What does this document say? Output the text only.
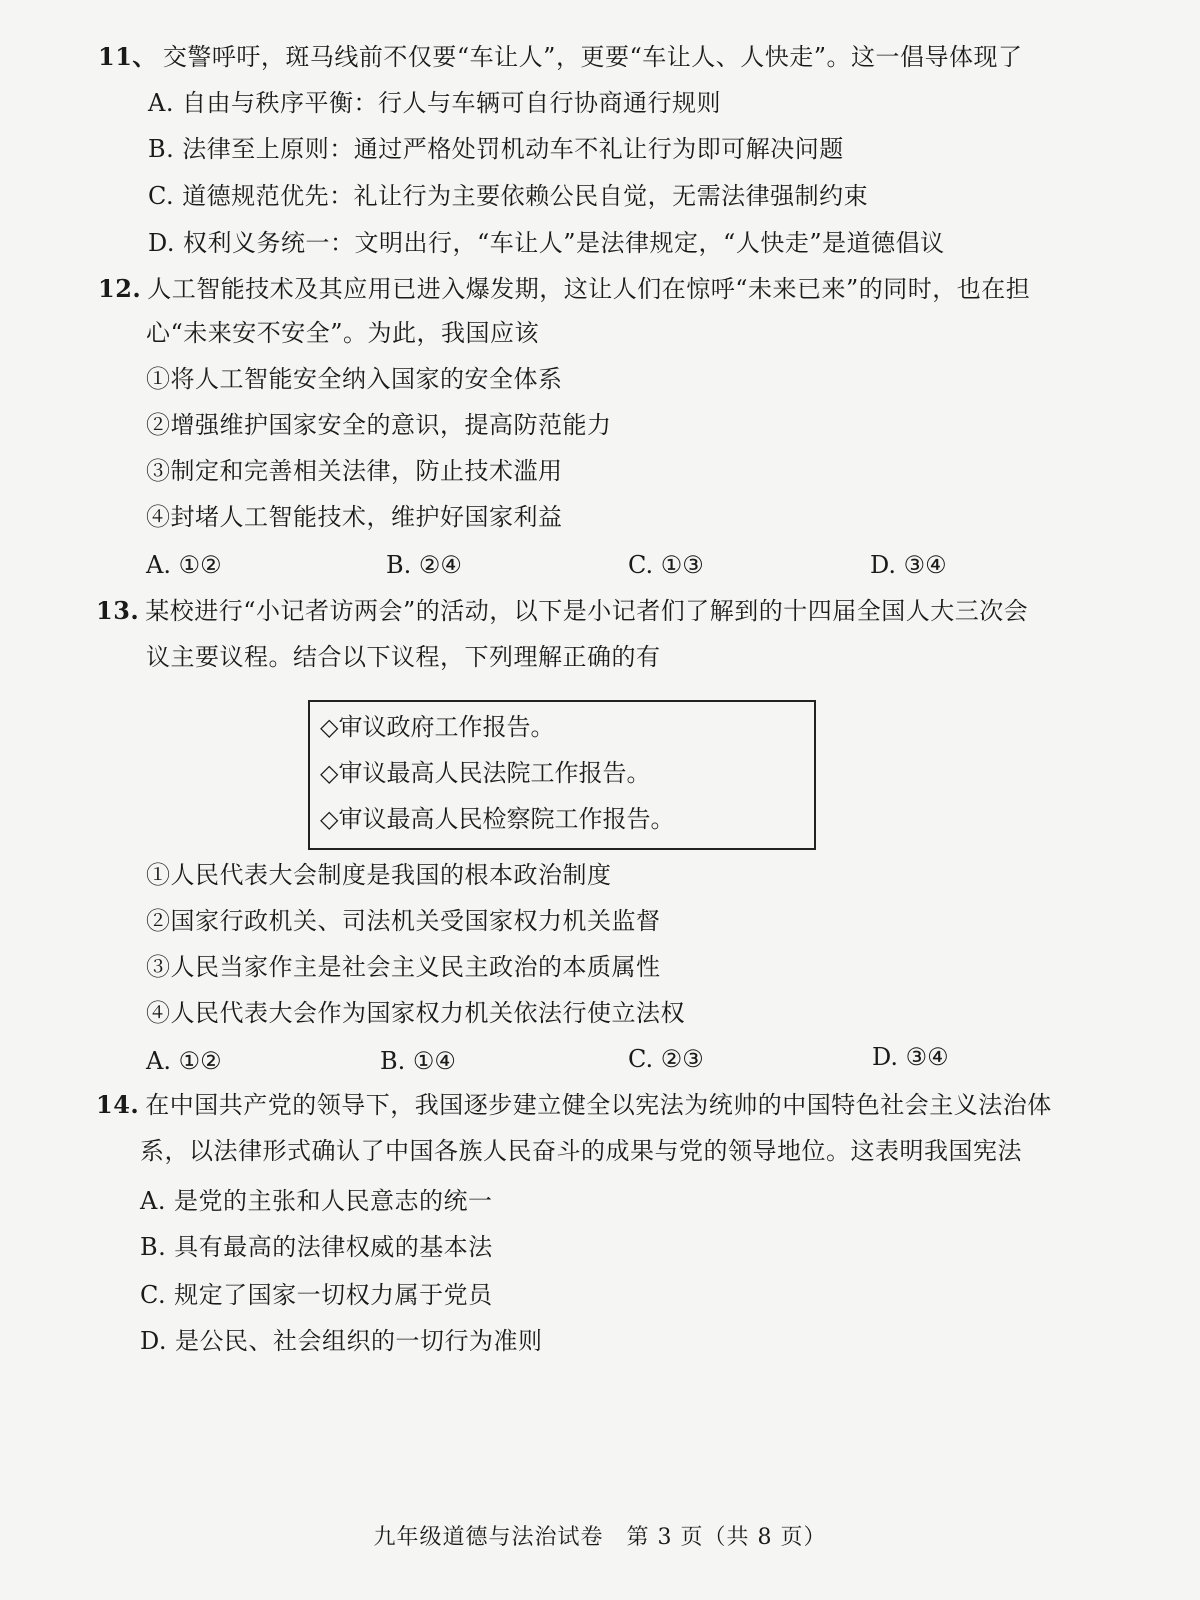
11、 交警呼吁，斑马线前不仅要“车让人”，更要“车让人、人快走”。这一倡导体现了
A. 自由与秩序平衡：行人与车辆可自行协商通行规则
B. 法律至上原则：通过严格处罚机动车不礼让行为即可解决问题
C. 道德规范优先：礼让行为主要依赖公民自觉，无需法律强制约束
D. 权利义务统一：文明出行，“车让人”是法律规定，“人快走”是道德倡议
12. 人工智能技术及其应用已进入爆发期，这让人们在惊呼“未来已来”的同时，也在担
心“未来安不安全”。为此，我国应该
①将人工智能安全纳入国家的安全体系
②增强维护国家安全的意识，提高防范能力
③制定和完善相关法律，防止技术滥用
④封堵人工智能技术，维护好国家利益
A. ①②	B. ②④	C. ①③	D. ③④
13. 某校进行“小记者访两会”的活动，以下是小记者们了解到的十四届全国人大三次会
议主要议程。结合以下议程，下列理解正确的有
◇审议政府工作报告。
◇审议最高人民法院工作报告。
◇审议最高人民检察院工作报告。
①人民代表大会制度是我国的根本政治制度
②国家行政机关、司法机关受国家权力机关监督
③人民当家作主是社会主义民主政治的本质属性
④人民代表大会作为国家权力机关依法行使立法权
A. ①②	B. ①④	C. ②③	D. ③④
14. 在中国共产党的领导下，我国逐步建立健全以宪法为统帅的中国特色社会主义法治体
系，以法律形式确认了中国各族人民奋斗的成果与党的领导地位。这表明我国宪法
A. 是党的主张和人民意志的统一
B. 具有最高的法律权威的基本法
C. 规定了国家一切权力属于党员
D. 是公民、社会组织的一切行为准则
九年级道德与法治试卷　第 3 页（共 8 页）
